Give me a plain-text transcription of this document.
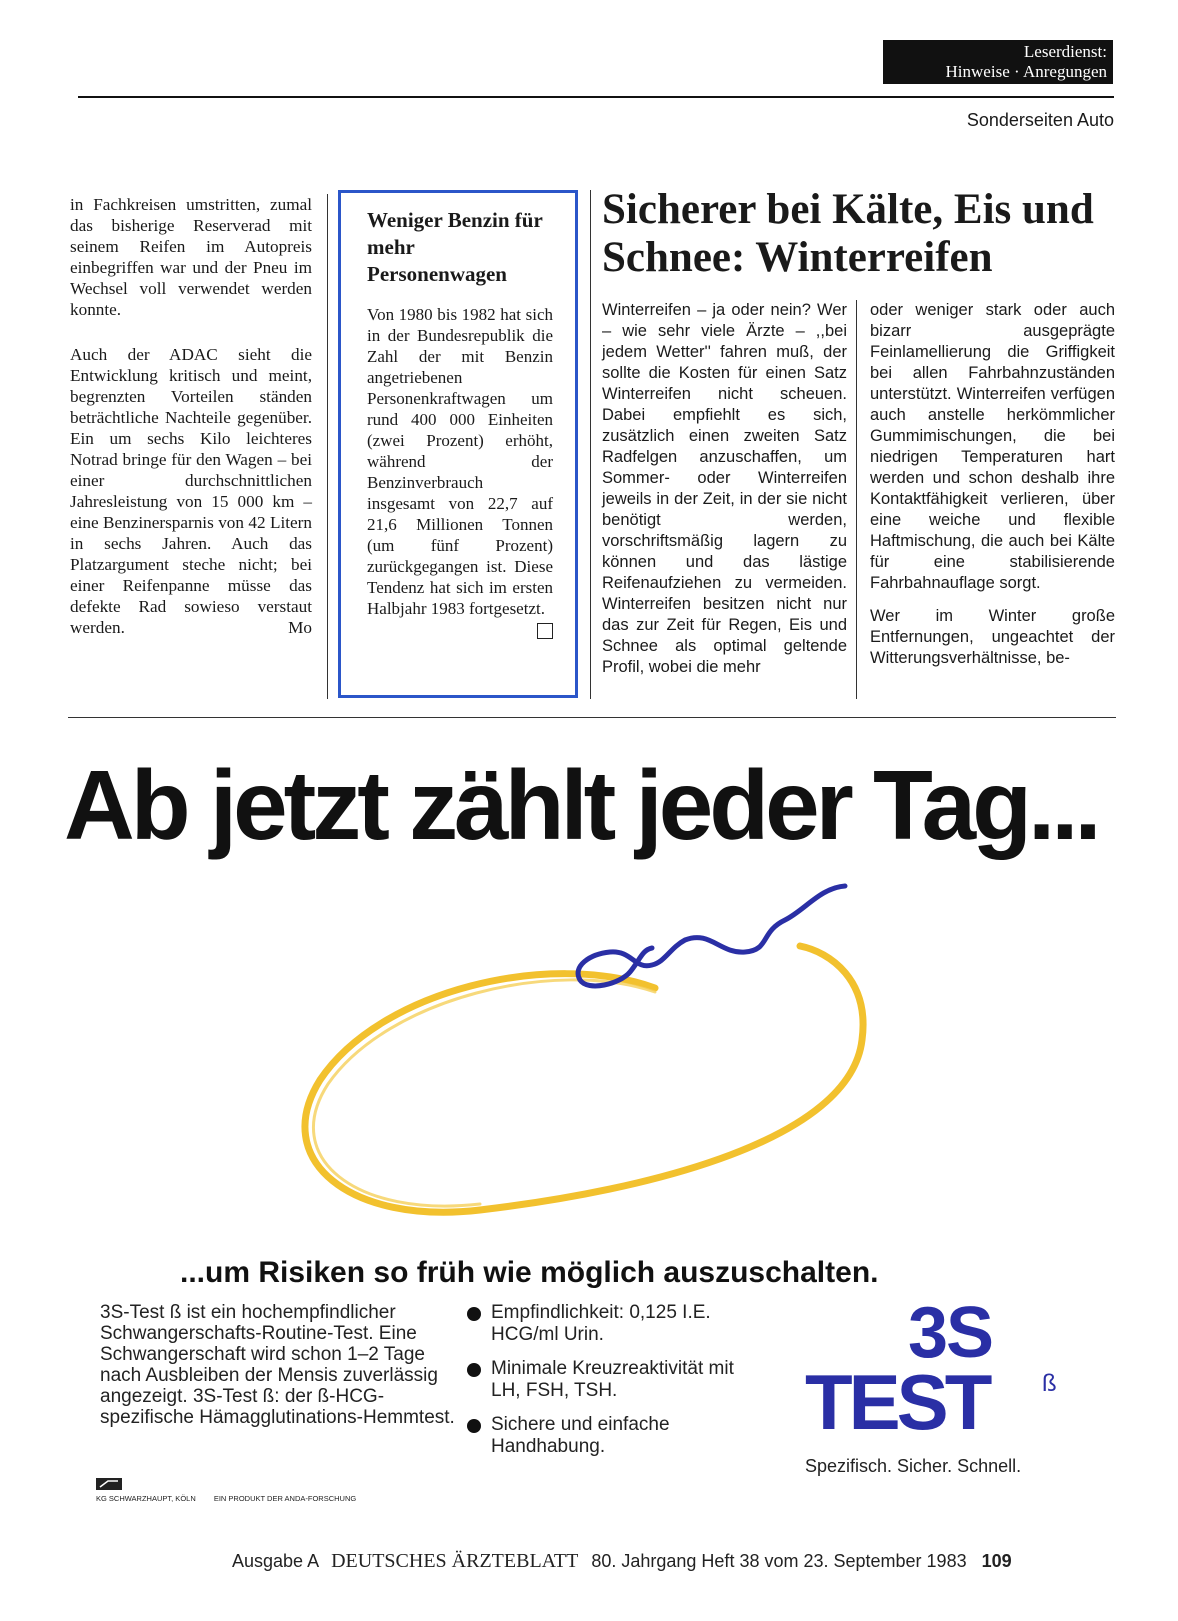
Leserdienst:
Hinweise · Anregungen
Sonderseiten Auto

in Fachkreisen umstritten, zumal das bisherige Reserverad mit seinem Reifen im Autopreis einbegriffen war und der Pneu im Wechsel voll verwendet werden konnte.

Auch der ADAC sieht die Entwicklung kritisch und meint, begrenzten Vorteilen ständen beträchtliche Nachteile gegenüber. Ein um sechs Kilo leichteres Notrad bringe für den Wagen – bei einer durchschnittlichen Jahresleistung von 15 000 km – eine Benzinersparnis von 42 Litern in sechs Jahren. Auch das Platzargument steche nicht; bei einer Reifenpanne müsse das defekte Rad sowieso verstaut werden.	Mo

Weniger Benzin für mehr Personenwagen
Von 1980 bis 1982 hat sich in der Bundesrepublik die Zahl der mit Benzin angetriebenen Personenkraftwagen um rund 400 000 Einheiten (zwei Prozent) erhöht, während der Benzinverbrauch insgesamt von 22,7 auf 21,6 Millionen Tonnen (um fünf Prozent) zurückgegangen ist. Diese Tendenz hat sich im ersten Halbjahr 1983 fortgesetzt.
Sicherer bei Kälte, Eis und Schnee: Winterreifen
Winterreifen – ja oder nein? Wer – wie sehr viele Ärzte – ,,bei jedem Wetter'' fahren muß, der sollte die Kosten für einen Satz Winterreifen nicht scheuen. Dabei empfiehlt es sich, zusätzlich einen zweiten Satz Radfelgen anzuschaffen, um Sommer- oder Winterreifen jeweils in der Zeit, in der sie nicht benötigt werden, vorschriftsmäßig lagern zu können und das lästige Reifenaufziehen zu vermeiden. Winterreifen besitzen nicht nur das zur Zeit für Regen, Eis und Schnee als optimal geltende Profil, wobei die mehr

oder weniger stark oder auch bizarr ausgeprägte Feinlamellierung die Griffigkeit bei allen Fahrbahnzuständen unterstützt. Winterreifen verfügen auch anstelle herkömmlicher Gummimischungen, die bei niedrigen Temperaturen hart werden und schon deshalb ihre Kontaktfähigkeit verlieren, über eine weiche und flexible Haftmischung, die auch bei Kälte für eine stabilisierende Fahrbahnauflage sorgt.

Wer im Winter große Entfernungen, ungeachtet der Witterungsverhältnisse, be-

Ab jetzt zählt jeder Tag...
...um Risiken so früh wie möglich auszuschalten.
3S-Test ß ist ein hochempfindlicher Schwangerschafts-Routine-Test. Eine Schwangerschaft wird schon 1–2 Tage nach Ausbleiben der Mensis zuverlässig angezeigt. 3S-Test ß: der ß-HCG-spezifische Hämagglutinations-Hemmtest.
Empfindlichkeit: 0,125 I.E. HCG/ml Urin.
Minimale Kreuzreaktivität mit LH, FSH, TSH.
Sichere und einfache Handhabung.
3S
TEST ß
Spezifisch. Sicher. Schnell.
KG SCHWARZHAUPT, KÖLN EIN PRODUKT DER ANDA-FORSCHUNG
Ausgabe A DEUTSCHES ÄRZTEBLATT 80. Jahrgang Heft 38 vom 23. September 1983 109
